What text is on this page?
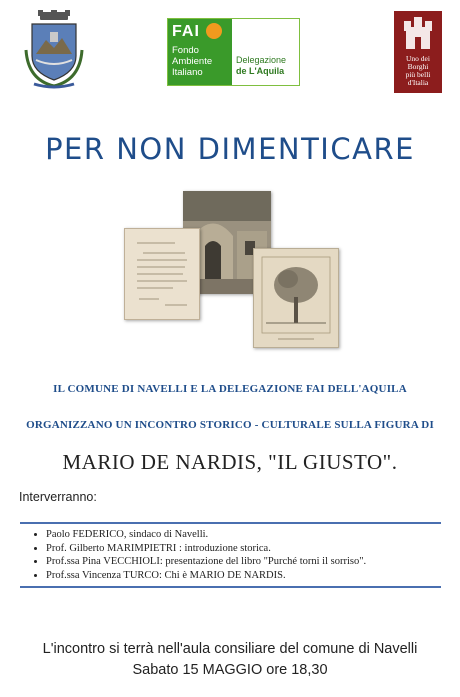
FAI
Fondo
Ambiente
Italiano
Delegazione
de L'Aquila
Uno dei
Borghi
più belli
d'Italia
PER NON DIMENTICARE
IL COMUNE DI NAVELLI E LA DELEGAZIONE FAI DELL'AQUILA
ORGANIZZANO UN INCONTRO STORICO - CULTURALE SULLA FIGURA DI
MARIO DE NARDIS, "IL GIUSTO".
Interverranno:
• Paolo FEDERICO, sindaco di Navelli.
• Prof. Gilberto MARIMPIETRI : introduzione storica.
• Prof.ssa Pina VECCHIOLI: presentazione del libro "Purché torni il sorriso".
• Prof.ssa Vincenza TURCO: Chi è MARIO DE NARDIS.
L'incontro si terrà nell'aula consiliare del comune di Navelli
Sabato 15 MAGGIO ore 18,30
